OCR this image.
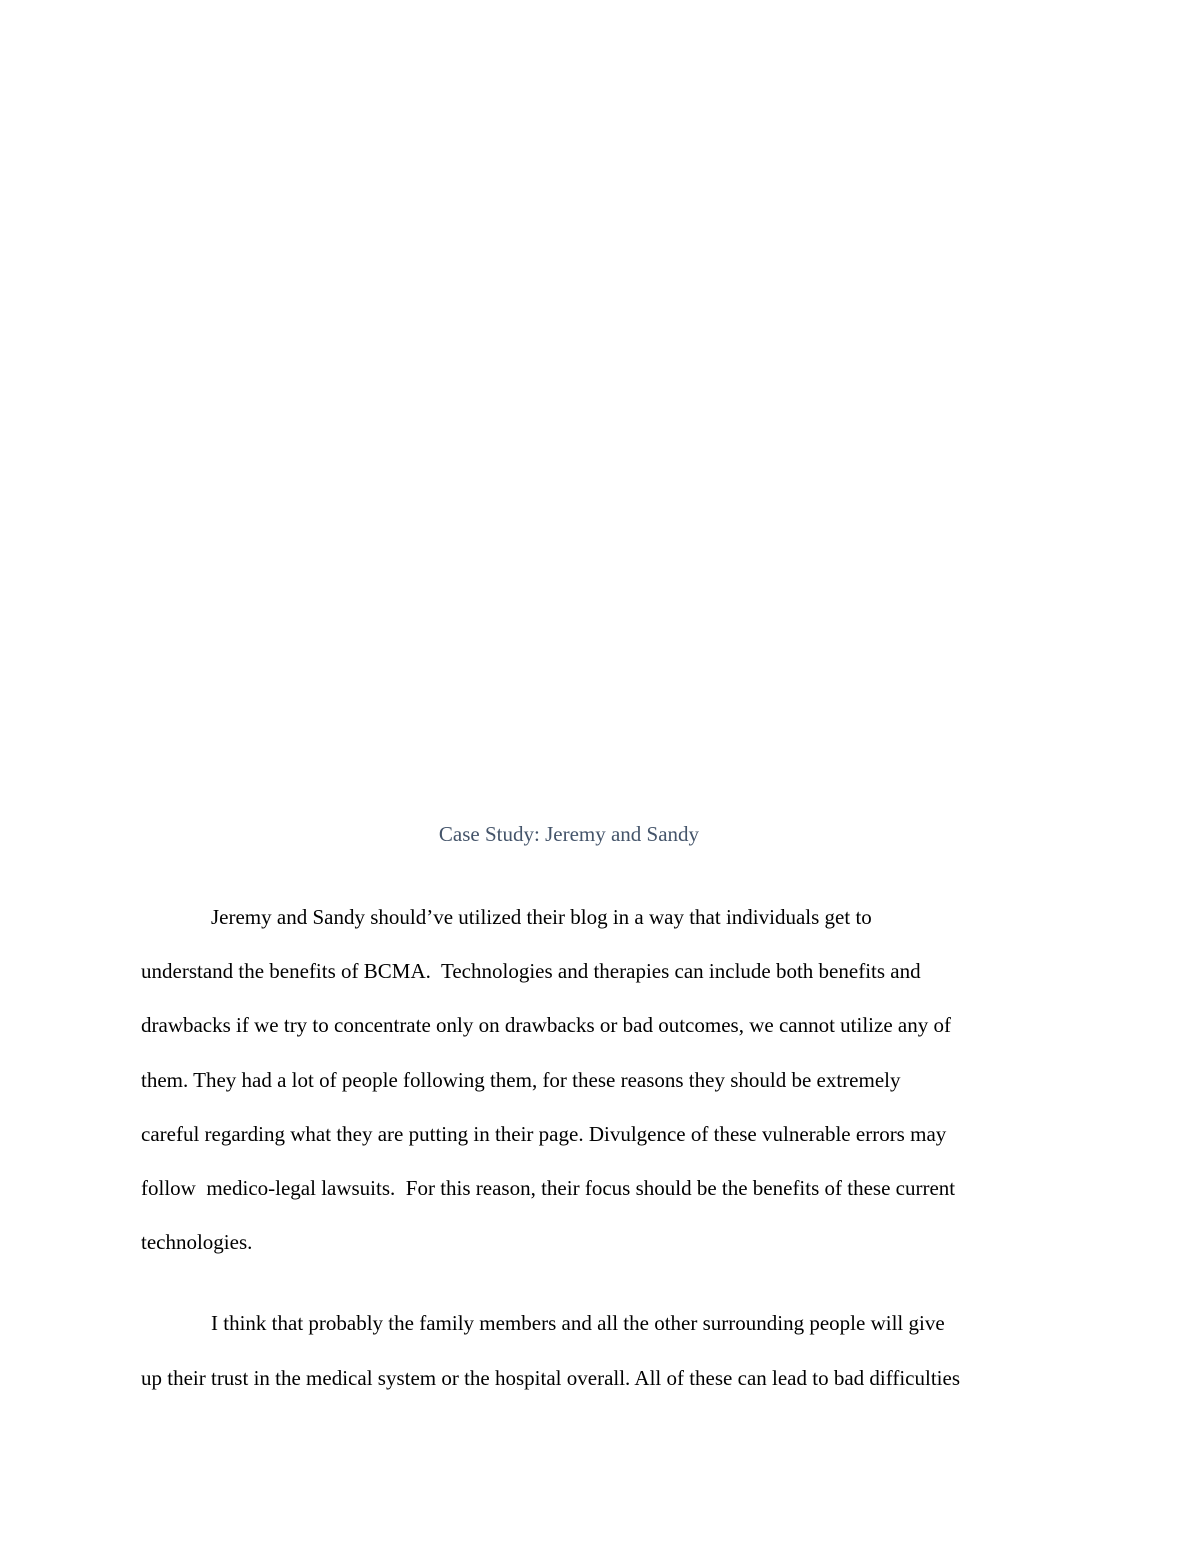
Case Study: Jeremy and Sandy
Jeremy and Sandy should’ve utilized their blog in a way that individuals get to
understand the benefits of BCMA.  Technologies and therapies can include both benefits and
drawbacks if we try to concentrate only on drawbacks or bad outcomes, we cannot utilize any of
them. They had a lot of people following them, for these reasons they should be extremely
careful regarding what they are putting in their page. Divulgence of these vulnerable errors may
follow  medico-legal lawsuits.  For this reason, their focus should be the benefits of these current
technologies.
I think that probably the family members and all the other surrounding people will give
up their trust in the medical system or the hospital overall. All of these can lead to bad difficulties
